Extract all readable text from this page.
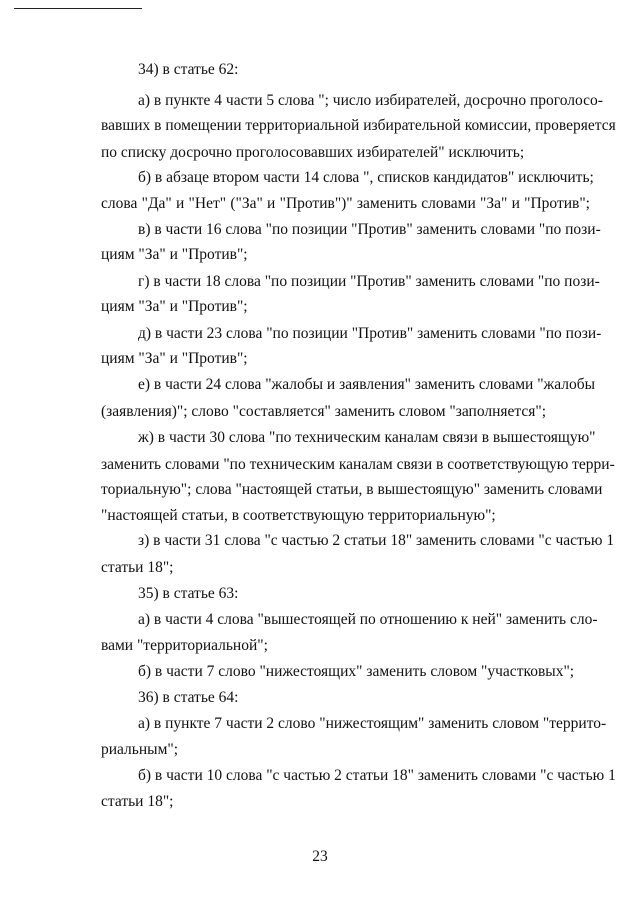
34) в статье 62:
а) в пункте 4 части 5 слова "; число избирателей, досрочно проголосо-
вавших в помещении территориальной избирательной комиссии, проверяется
по списку досрочно проголосовавших избирателей" исключить;
б) в абзаце втором части 14 слова ", списков кандидатов" исключить;
слова "Да" и "Нет" ("За" и "Против")" заменить словами "За" и "Против";
в) в части 16 слова "по позиции "Против" заменить словами "по пози-
циям "За" и "Против";
г) в части 18 слова "по позиции "Против" заменить словами "по пози-
циям "За" и "Против";
д) в части 23 слова "по позиции "Против" заменить словами "по пози-
циям "За" и "Против";
е) в части 24 слова "жалобы и заявления" заменить словами "жалобы
(заявления)"; слово "составляется" заменить словом "заполняется";
ж) в части 30 слова "по техническим каналам связи в вышестоящую"
заменить словами "по техническим каналам связи в соответствующую терри-
ториальную"; слова "настоящей статьи, в вышестоящую" заменить словами
"настоящей статьи, в соответствующую территориальную";
з) в части 31 слова "с частью 2 статьи 18" заменить словами "с частью 1
статьи 18";
35) в статье 63:
а) в части 4 слова "вышестоящей по отношению к ней" заменить сло-
вами "территориальной";
б) в части 7 слово "нижестоящих" заменить словом "участковых";
36) в статье 64:
а) в пункте 7 части 2 слово "нижестоящим" заменить словом "террито-
риальным";
б) в части 10 слова "с частью 2 статьи 18" заменить словами "с частью 1
статьи 18";
23
